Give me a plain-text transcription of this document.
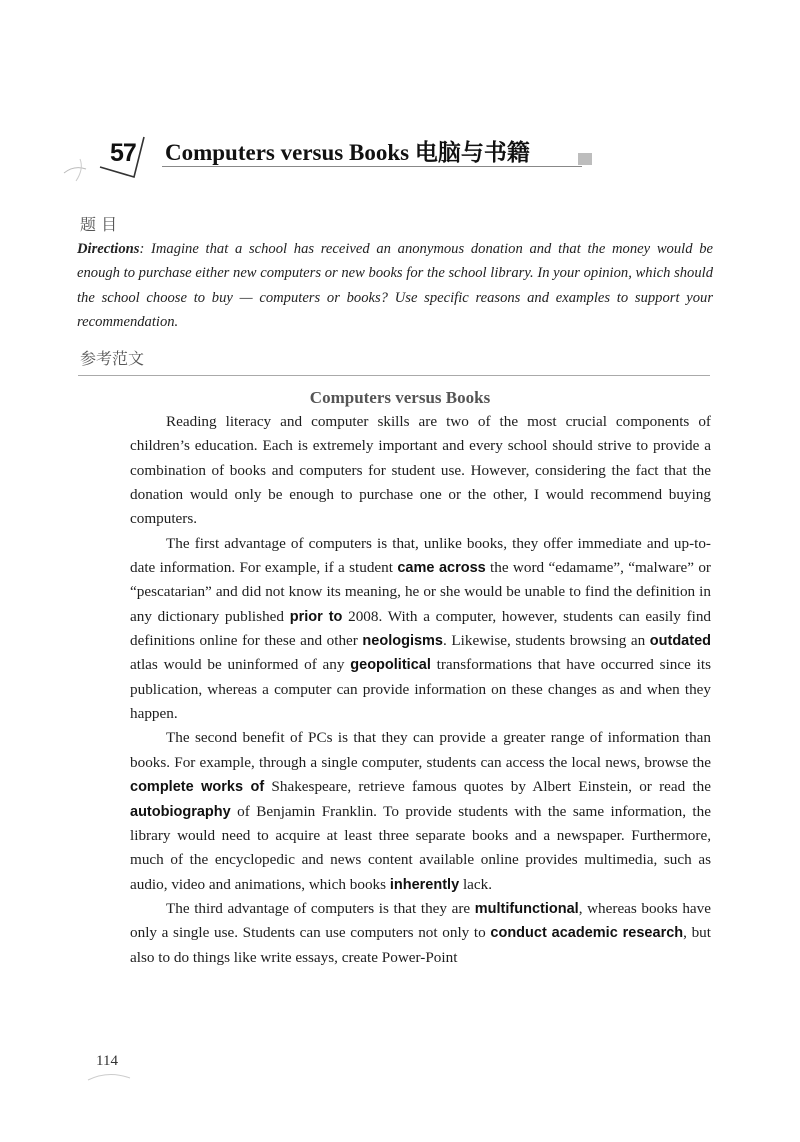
57 Computers versus Books 电脑与书籍
题 目
Directions: Imagine that a school has received an anonymous donation and that the money would be enough to purchase either new computers or new books for the school library. In your opinion, which should the school choose to buy — computers or books? Use specific reasons and examples to support your recommendation.
参考范文
Computers versus Books

Reading literacy and computer skills are two of the most crucial components of children’s education. Each is extremely important and every school should strive to provide a combination of books and computers for student use. However, considering the fact that the donation would only be enough to purchase one or the other, I would recommend buying computers.

The first advantage of computers is that, unlike books, they offer immediate and up-to-date information. For example, if a student came across the word “edamame”, “malware” or “pescatarian” and did not know its meaning, he or she would be unable to find the definition in any dictionary published prior to 2008. With a computer, however, students can easily find definitions online for these and other neologisms. Likewise, students browsing an outdated atlas would be uninformed of any geopolitical transformations that have occurred since its publication, whereas a computer can provide information on these changes as and when they happen.

The second benefit of PCs is that they can provide a greater range of information than books. For example, through a single computer, students can access the local news, browse the complete works of Shakespeare, retrieve famous quotes by Albert Einstein, or read the autobiography of Benjamin Franklin. To provide students with the same information, the library would need to acquire at least three separate books and a newspaper. Furthermore, much of the encyclopedic and news content available online provides multimedia, such as audio, video and animations, which books inherently lack.

The third advantage of computers is that they are multifunctional, whereas books have only a single use. Students can use computers not only to conduct academic research, but also to do things like write essays, create Power-Point

114
